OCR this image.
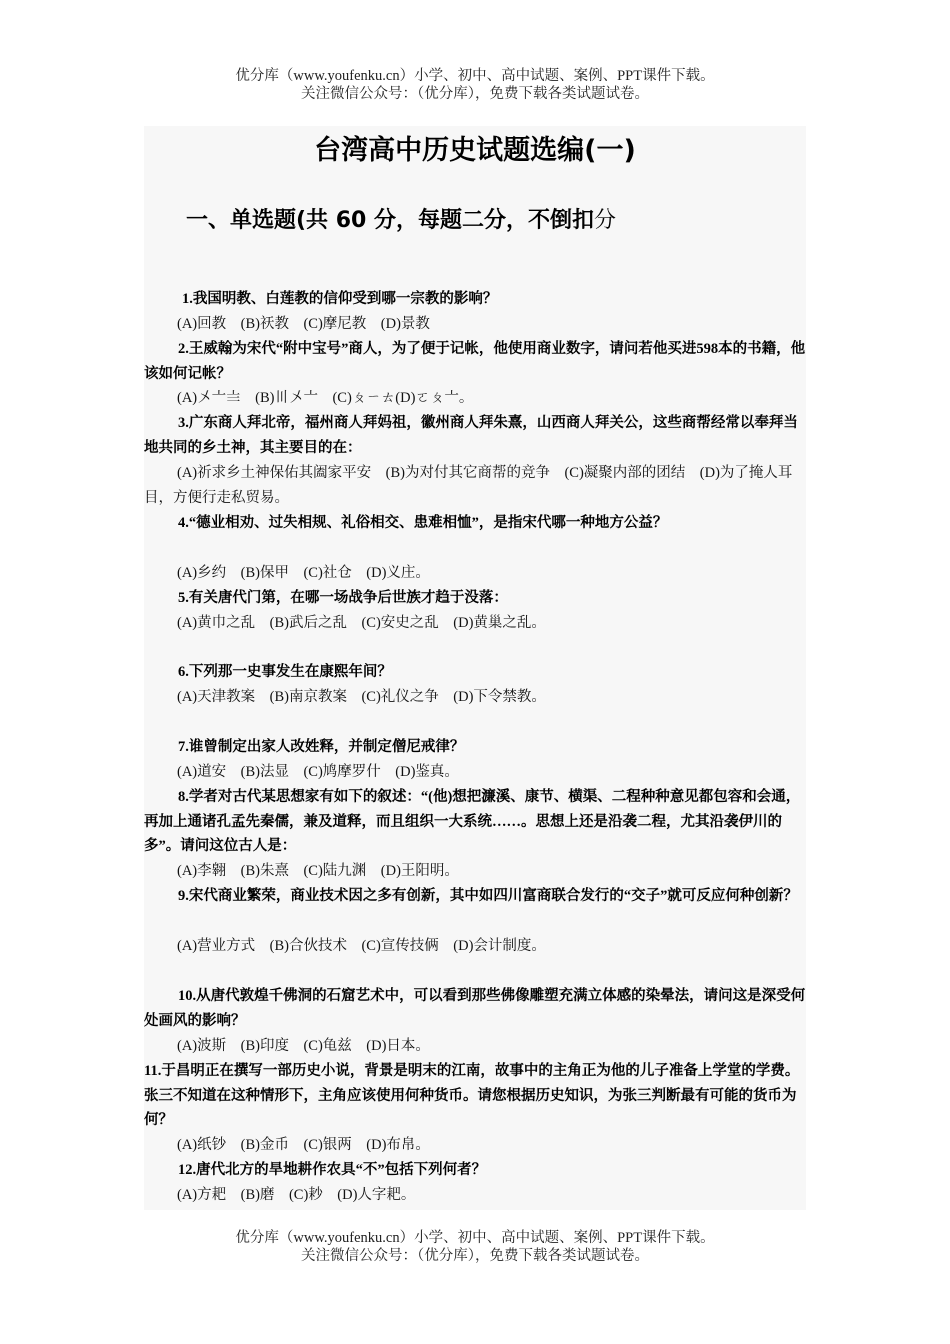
优分库（www.youfenku.cn）小学、初中、高中试题、案例、PPT课件下载。
关注微信公众号：（优分库），免费下载各类试题试卷。
台湾高中历史试题选编(一)
一、单选题(共 60 分，每题二分，不倒扣分
1.我国明教、白莲教的信仰受到哪一宗教的影响？
(A)回教　(B)祆教　(C)摩尼教　(D)景教
2.王威翰为宋代“附中宝号”商人，为了便于记帐，他使用商业数字，请问若他买进598本的书籍，他该如何记帐？
(A)〤〦〨　(B)〣〤〦　(C)ㄆㄧㄊ(D)ㄛㄆ〦。
3.广东商人拜北帝，福州商人拜妈祖，徽州商人拜朱熹，山西商人拜关公，这些商帮经常以奉拜当地共同的乡土神，其主要目的在：
(A)祈求乡土神保佑其阖家平安　(B)为对付其它商帮的竞争　(C)凝聚内部的团结　(D)为了掩人耳目，方便行走私贸易。
4.“德业相劝、过失相规、礼俗相交、患难相恤”，是指宋代哪一种地方公益？
(A)乡约　(B)保甲　(C)社仓　(D)义庄。
5.有关唐代门第，在哪一场战争后世族才趋于没落：
(A)黄巾之乱　(B)武后之乱　(C)安史之乱　(D)黄巢之乱。
6.下列那一史事发生在康熙年间？
(A)天津教案　(B)南京教案　(C)礼仪之争　(D)下令禁教。
7.谁曾制定出家人改姓释，并制定僧尼戒律？
(A)道安　(B)法显　(C)鸠摩罗什　(D)鉴真。
8.学者对古代某思想家有如下的叙述：“(他)想把濂溪、康节、横渠、二程种种意见都包容和会通，再加上通诸孔孟先秦儒，兼及道释，而且组织一大系统……。思想上还是沿袭二程，尤其沿袭伊川的多”。请问这位古人是：
(A)李翱　(B)朱熹　(C)陆九渊　(D)王阳明。
9.宋代商业繁荣，商业技术因之多有创新，其中如四川富商联合发行的“交子”就可反应何种创新？
(A)营业方式　(B)合伙技术　(C)宣传技俩　(D)会计制度。
10.从唐代敦煌千佛洞的石窟艺术中，可以看到那些佛像雕塑充满立体感的染晕法，请问这是深受何处画风的影响？
(A)波斯　(B)印度　(C)龟兹　(D)日本。
11.于昌明正在撰写一部历史小说，背景是明末的江南，故事中的主角正为他的儿子准备上学堂的学费。张三不知道在这种情形下，主角应该使用何种货币。请您根据历史知识，为张三判断最有可能的货币为何？
(A)纸钞　(B)金币　(C)银两　(D)布帛。
12.唐代北方的旱地耕作农具“不”包括下列何者？
(A)方耙　(B)磨　(C)耖　(D)人字耙。
优分库（www.youfenku.cn）小学、初中、高中试题、案例、PPT课件下载。
关注微信公众号：（优分库），免费下载各类试题试卷。
